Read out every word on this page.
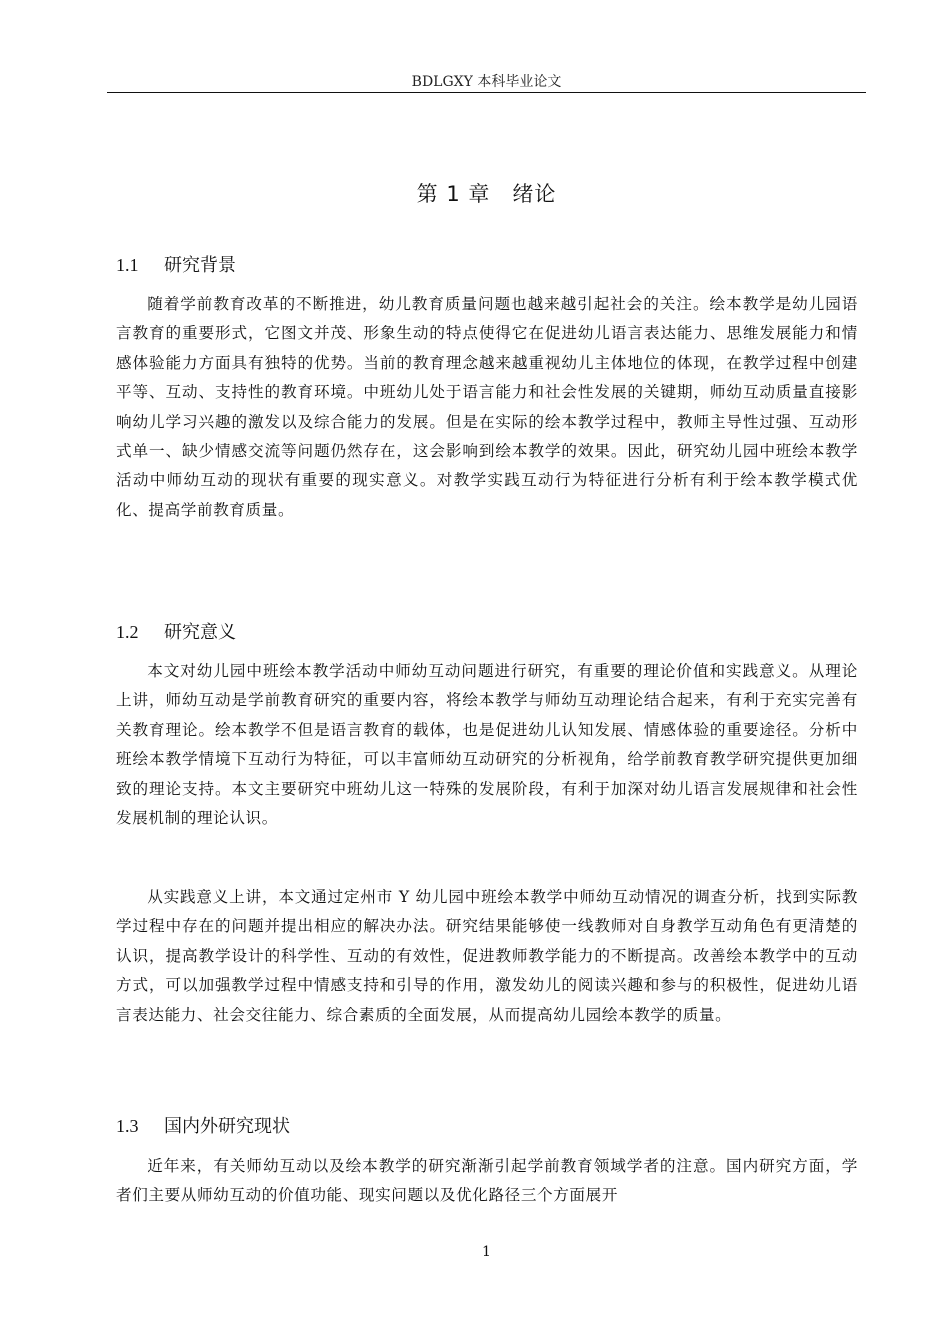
BDLGXY 本科毕业论文
第 1 章　绪论
1.1 研究背景

随着学前教育改革的不断推进，幼儿教育质量问题也越来越引起社会的关注。绘本教学是幼儿园语言教育的重要形式，它图文并茂、形象生动的特点使得它在促进幼儿语言表达能力、思维发展能力和情感体验能力方面具有独特的优势。当前的教育理念越来越重视幼儿主体地位的体现，在教学过程中创建平等、互动、支持性的教育环境。中班幼儿处于语言能力和社会性发展的关键期，师幼互动质量直接影响幼儿学习兴趣的激发以及综合能力的发展。但是在实际的绘本教学过程中，教师主导性过强、互动形式单一、缺少情感交流等问题仍然存在，这会影响到绘本教学的效果。因此，研究幼儿园中班绘本教学活动中师幼互动的现状有重要的现实意义。对教学实践互动行为特征进行分析有利于绘本教学模式优化、提高学前教育质量。

1.2 研究意义

本文对幼儿园中班绘本教学活动中师幼互动问题进行研究，有重要的理论价值和实践意义。从理论上讲，师幼互动是学前教育研究的重要内容，将绘本教学与师幼互动理论结合起来，有利于充实完善有关教育理论。绘本教学不但是语言教育的载体，也是促进幼儿认知发展、情感体验的重要途径。分析中班绘本教学情境下互动行为特征，可以丰富师幼互动研究的分析视角，给学前教育教学研究提供更加细致的理论支持。本文主要研究中班幼儿这一特殊的发展阶段，有利于加深对幼儿语言发展规律和社会性发展机制的理论认识。

从实践意义上讲，本文通过定州市 Y 幼儿园中班绘本教学中师幼互动情况的调查分析，找到实际教学过程中存在的问题并提出相应的解决办法。研究结果能够使一线教师对自身教学互动角色有更清楚的认识，提高教学设计的科学性、互动的有效性，促进教师教学能力的不断提高。改善绘本教学中的互动方式，可以加强教学过程中情感支持和引导的作用，激发幼儿的阅读兴趣和参与的积极性，促进幼儿语言表达能力、社会交往能力、综合素质的全面发展，从而提高幼儿园绘本教学的质量。

1.3 国内外研究现状

近年来，有关师幼互动以及绘本教学的研究渐渐引起学前教育领域学者的注意。国内研究方面，学者们主要从师幼互动的价值功能、现实问题以及优化路径三个方面展开

1
